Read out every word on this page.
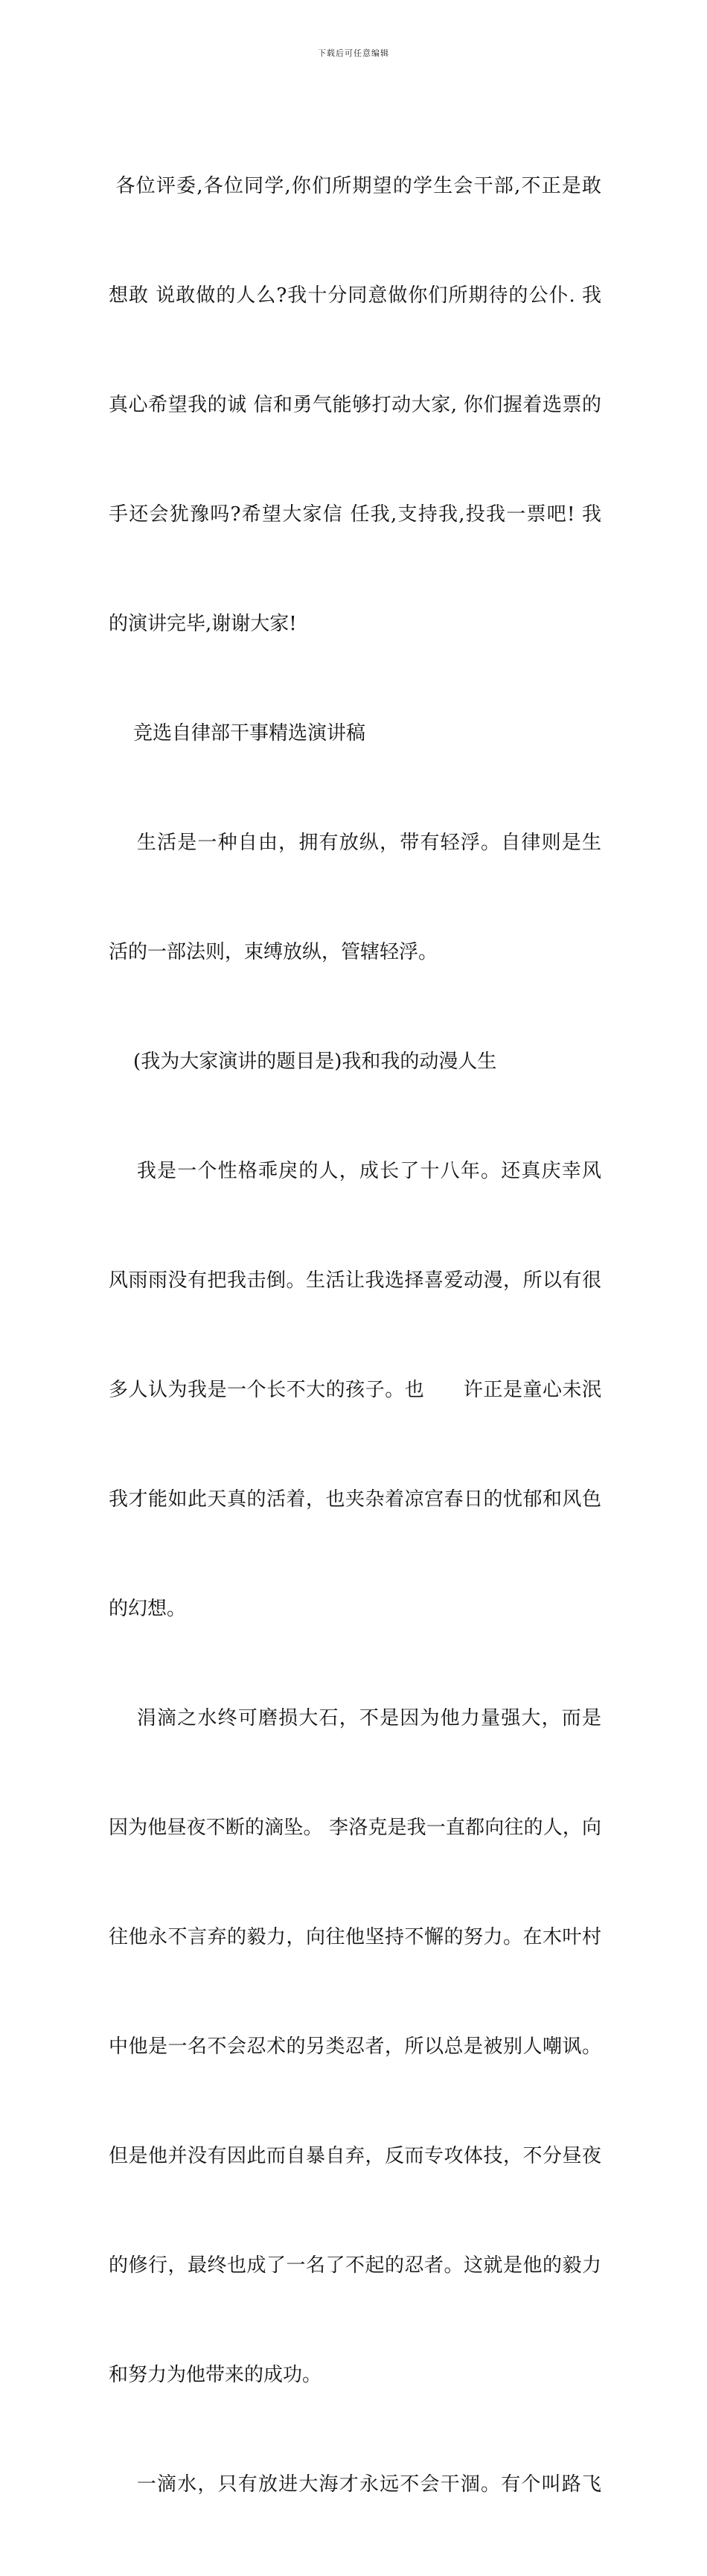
下载后可任意编辑

各位评委,各位同学,你们所期望的学生会干部,不正是敢

想敢 说敢做的人么?我十分同意做你们所期待的公仆. 我

真心希望我的诚 信和勇气能够打动大家, 你们握着选票的

手还会犹豫吗?希望大家信 任我,支持我,投我一票吧! 我

的演讲完毕,谢谢大家!

竞选自律部干事精选演讲稿

生活是一种自由，拥有放纵，带有轻浮。自律则是生

活的一部法则，束缚放纵，管辖轻浮。

(我为大家演讲的题目是)我和我的动漫人生

我是一个性格乖戾的人，成长了十八年。还真庆幸风

风雨雨没有把我击倒。生活让我选择喜爱动漫，所以有很

多人认为我是一个长不大的孩子。也      许正是童心未泯

我才能如此天真的活着，也夹杂着凉宫春日的忧郁和风色

的幻想。

涓滴之水终可磨损大石，不是因为他力量强大，而是

因为他昼夜不断的滴坠。 李洛克是我一直都向往的人，向

往他永不言弃的毅力，向往他坚持不懈的努力。在木叶村

中他是一名不会忍术的另类忍者，所以总是被别人嘲讽。

但是他并没有因此而自暴自弃，反而专攻体技，不分昼夜

的修行，最终也成了一名了不起的忍者。这就是他的毅力

和努力为他带来的成功。

一滴水，只有放进大海才永远不会干涸。有个叫路飞
